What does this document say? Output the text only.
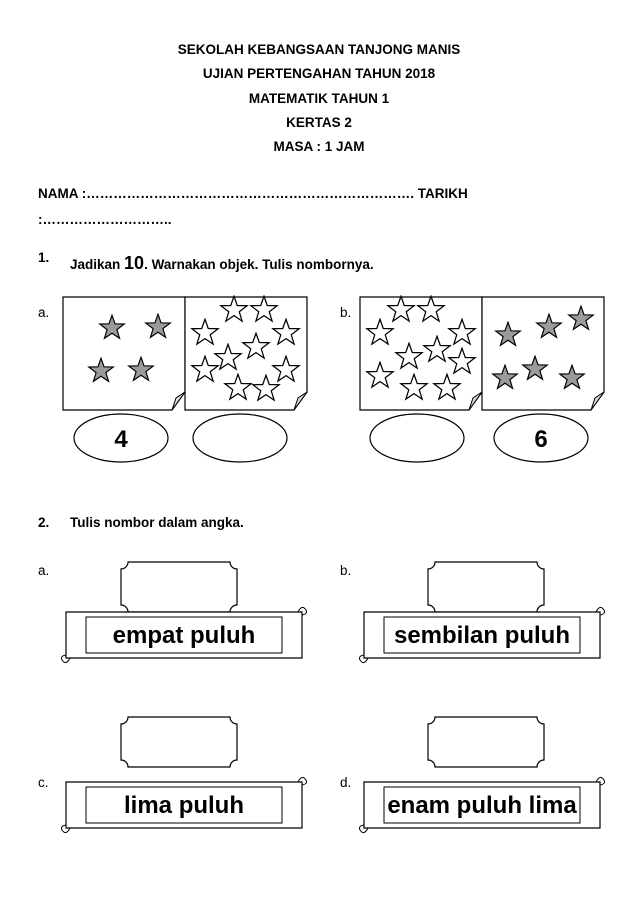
SEKOLAH KEBANGSAAN TANJONG MANIS
UJIAN PERTENGAHAN TAHUN 2018
MATEMATIK TAHUN 1
KERTAS 2
MASA : 1 JAM
NAMA :………………………………………………………………. TARIKH
:………………………..
1. Jadikan 10. Warnakan objek. Tulis nombornya.
a.	b.
2. Tulis nombor dalam angka.
a.	b.
c.	d.
4	6
empat puluh	sembilan puluh
lima puluh	enam puluh lima
